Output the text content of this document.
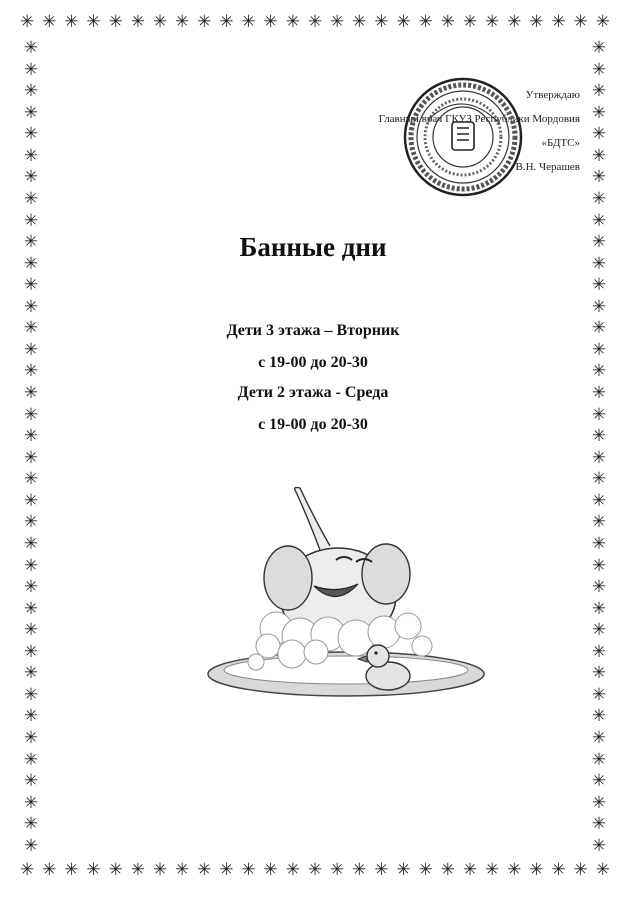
✳ ✳ ✳ ✳ ✳ ✳ ✳ ✳ ✳ ✳ ✳ ✳ ✳ ✳ ✳ ✳ ✳ ✳ ✳ ✳ ✳ ✳ ✳ ✳ ✳ ✳ ✳
✳ ✳ ✳ ✳ ✳ ✳ ✳ ✳ ✳ ✳ ✳ ✳ ✳ ✳ ✳ ✳ ✳ ✳ ✳ ✳ ✳ ✳ ✳ ✳ ✳ ✳ ✳
✳
✳
✳
✳
✳
✳
✳
✳
✳
✳
✳
✳
✳
✳
✳
✳
✳
✳
✳
✳
✳
✳
✳
✳
✳
✳
✳
✳
✳
✳
✳
✳
✳
✳
✳
✳
✳
✳
✳
✳
✳
✳
✳
✳
✳
✳
✳
✳
✳
✳
✳
✳
✳
✳
✳
✳
✳
✳
✳
✳
✳
✳
✳
✳
✳
✳
✳
✳
✳
✳
✳
✳
✳
✳
✳
✳
Утверждаю
Главный врач ГКУЗ Республики Мордовия
«БДТС»
В.Н. Черашев
Банные дни
Дети 3 этажа – Вторник
с 19-00 до 20-30
Дети 2 этажа - Среда
с 19-00 до 20-30
